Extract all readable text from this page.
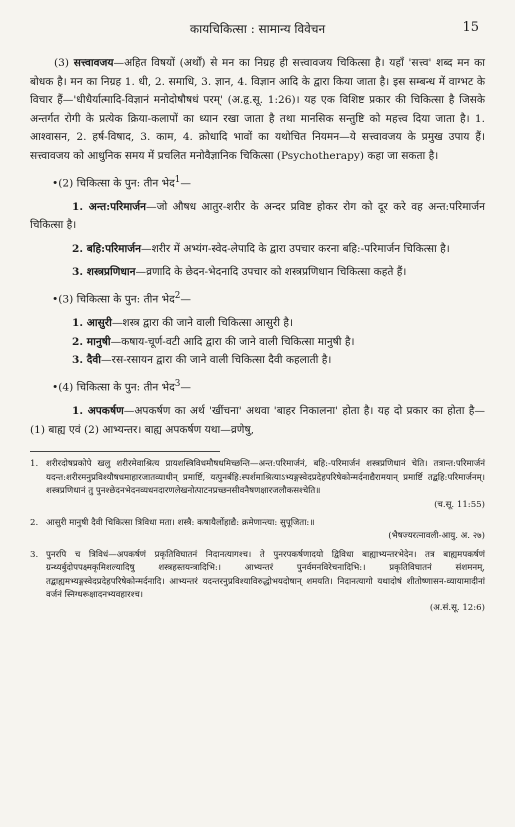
कायचिकित्सा : सामान्य विवेचन	15

(3) सत्त्वावजय—अहित विषयों (अर्थों) से मन का निग्रह ही सत्त्वावजय चिकित्सा है। यहाँ 'सत्त्व' शब्द मन का बोधक है। मन का निग्रह 1. धी, 2. समाधि, 3. ज्ञान, 4. विज्ञान आदि के द्वारा किया जाता है। इस सम्बन्ध में वाग्भट के विचार हैं—'धीधैर्यात्मादि-विज्ञानं मनोदोषौषधं परम्' (अ.हृ.सू. 1:26)। यह एक विशिष्ट प्रकार की चिकित्सा है जिसके अन्तर्गत रोगी के प्रत्येक क्रिया-कलापों का ध्यान रखा जाता है तथा मानसिक सन्तुष्टि को महत्त्व दिया जाता है। 1. आश्वासन, 2. हर्ष-विषाद, 3. काम, 4. क्रोधादि भावों का यथोचित नियमन—ये सत्त्वावजय के प्रमुख उपाय हैं। सत्त्वावजय को आधुनिक समय में प्रचलित मनोवैज्ञानिक चिकित्सा (Psychotherapy) कहा जा सकता है।

•(2) चिकित्सा के पुन: तीन भेद$^1$—

1. अन्त:परिमार्जन—जो औषध आतुर-शरीर के अन्दर प्रविष्ट होकर रोग को दूर करे वह अन्त:परिमार्जन चिकित्सा है।

2. बहि:परिमार्जन—शरीर में अभ्यंग-स्वेद-लेपादि के द्वारा उपचार करना बहि:-परिमार्जन चिकित्सा है।

3. शस्त्रप्रणिधान—व्रणादि के छेदन-भेदनादि उपचार को शस्त्रप्रणिधान चिकित्सा कहते हैं।

•(3) चिकित्सा के पुन: तीन भेद$^2$—

1. आसुरी—शस्त्र द्वारा की जाने वाली चिकित्सा आसुरी है।

2. मानुषी—कषाय-चूर्ण-वटी आदि द्वारा की जाने वाली चिकित्सा मानुषी है।

3. दैवी—रस-रसायन द्वारा की जाने वाली चिकित्सा दैवी कहलाती है।

•(4) चिकित्सा के पुन: तीन भेद$^3$—

1. अपकर्षण—अपकर्षण का अर्थ 'खींचना' अथवा 'बाहर निकालना' होता है। यह दो प्रकार का होता है—(1) बाह्य एवं (2) आभ्यन्तर। बाह्य अपकर्षण यथा—व्रणेषु,

1. शरीरदोषप्रकोपे खलु शरीरमेवाश्रित्य प्रायशस्त्रिविधमौषधमिच्छन्ति—अन्त:परिमार्जनं, बहि:-परिमार्जनं शस्त्रप्रणिधानं चेति। तत्रान्त:परिमार्जनं यदन्त:शरीरमनुप्रविश्यौषधमाहारजातव्याधीन् प्रमार्ष्टि, यत्पुनर्बहि:स्पर्शमाश्रित्याऽभ्यङ्गस्वेदप्रदेहपरिषेकोन्मर्दनाद्यैरामयान् प्रमार्ष्टि तद्बहि:परिमार्जनम्। शस्त्रप्रणिधानं तु पुनश्छेदनभेदनव्यधनदारणलेखनोत्पाटनप्रच्छनसीवनैषणक्षारजलौकसश्चेति॥
(च.सू. 11:55)
2. आसुरी मानुषी दैवी चिकित्सा त्रिविधा मता। शस्त्रै: कषायैर्लोहाद्यै: क्रमेणान्त्या: सुपूजिता:॥
(भैषज्यरत्नावली-आयु. अ. २७)
3. पुनरपि च त्रिविधं—अपकर्षणं प्रकृतिविघातनं निदानत्यागश्च। ते पुनरपकर्षणादयो द्विविधा बाह्याभ्यन्तरभेदेन। तत्र बाह्यमपकर्षणं ग्रन्थ्यर्बुदोपपक्ष्मकृमिशल्यादिषु शस्त्रहस्तयन्त्रादिभि:। आभ्यन्तरं पुनर्वमनविरेचनादिभि:। प्रकृतिविघातनं संशमनम्, तद्बाह्यमभ्यङ्गस्वेदप्रदेहपरिषेकोन्मर्दनादि। आभ्यन्तरं यदन्तरनुप्रविश्याविरुद्धोभयदोषान् शमयति। निदानत्यागो यथादोषं शीतोष्णासन-व्यायामादीनां वर्जनं स्निग्धरूक्षादनभ्यवहारश्च।
(अ.सं.सू. 12:6)
